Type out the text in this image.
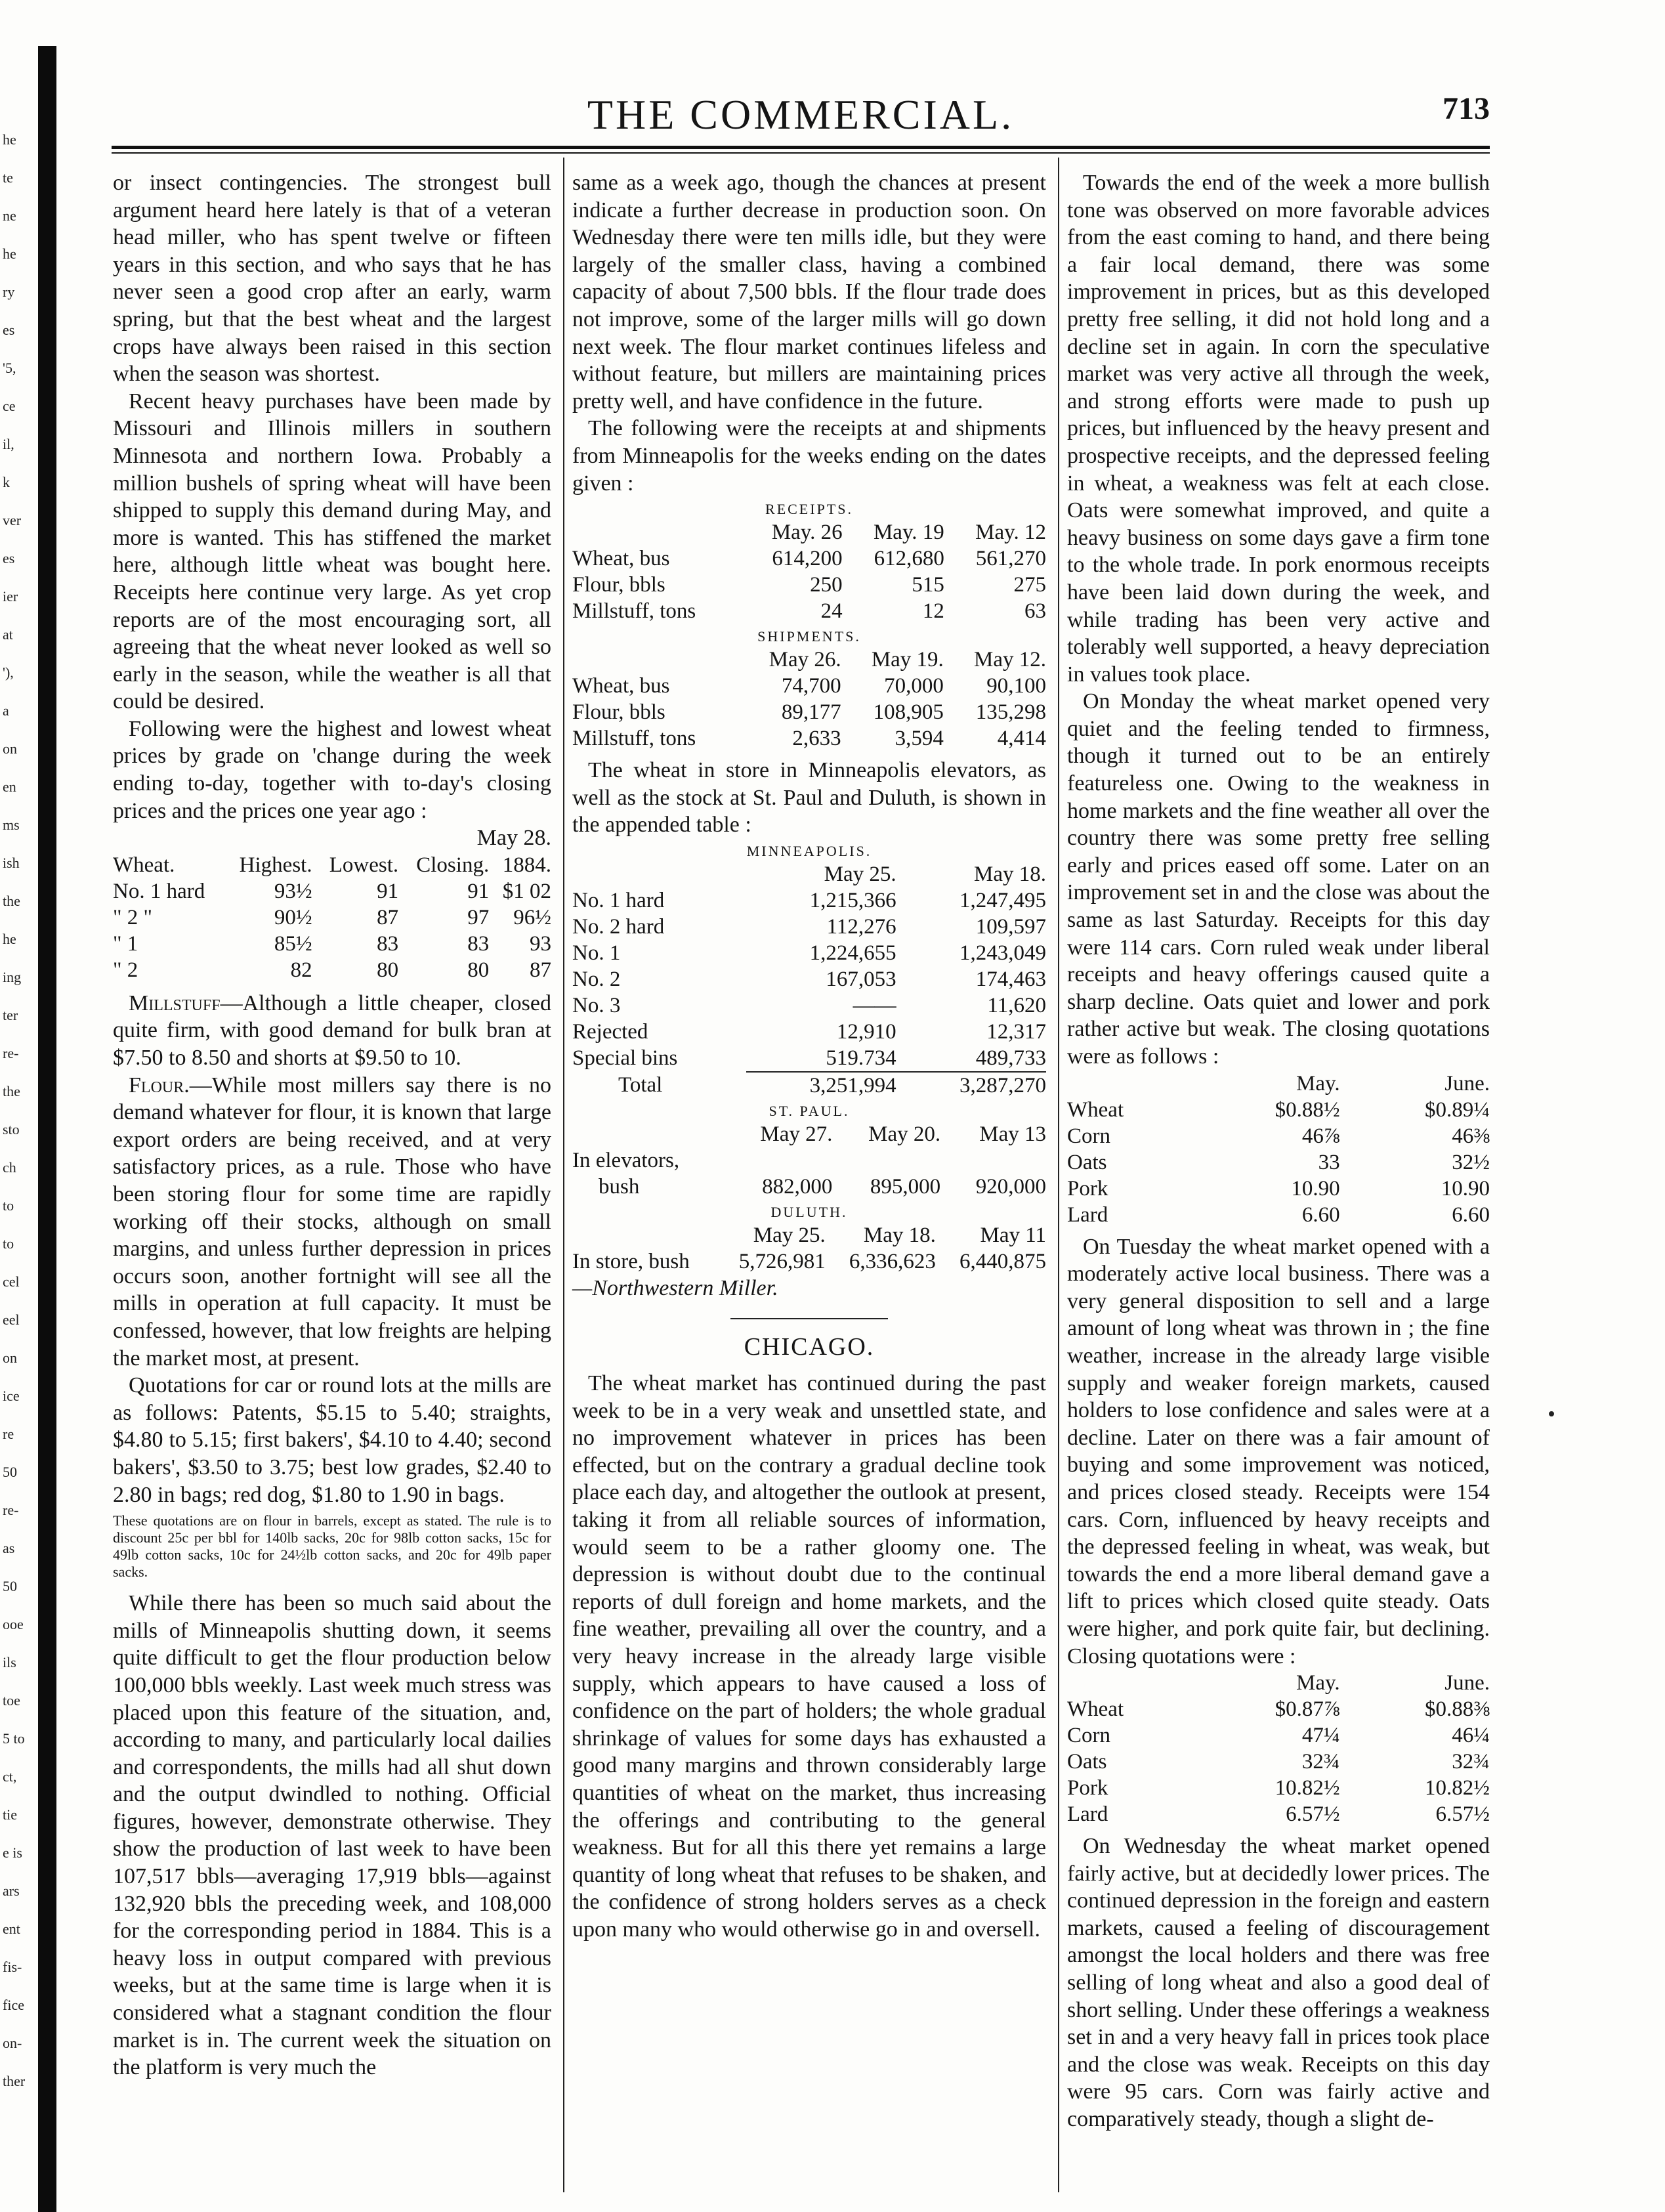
he
te
ne
he
ry
es
'5,
ce
il,
k
ver
es
ier
at
'),
a
on
en
ms
ish
the
he
ing
ter
re-
the
sto
ch
to
to
cel
eel
on
ice
re
50
re-
as
50
ooe
ils
toe
5 to
ct,
tie
e is
ars
ent
fis-
fice
on-
ther
THE COMMERCIAL.	713

or insect contingencies. The strongest bull argument heard here lately is that of a veteran head miller, who has spent twelve or fifteen years in this section, and who says that he has never seen a good crop after an early, warm spring, but that the best wheat and the largest crops have always been raised in this section when the season was shortest.

Recent heavy purchases have been made by Missouri and Illinois millers in southern Minnesota and northern Iowa. Probably a million bushels of spring wheat will have been shipped to supply this demand during May, and more is wanted. This has stiffened the market here, although little wheat was bought here. Receipts here continue very large. As yet crop reports are of the most encouraging sort, all agreeing that the wheat never looked as well so early in the season, while the weather is all that could be desired.

Following were the highest and lowest wheat prices by grade on 'change during the week ending to-day, together with to-day's closing prices and the prices one year ago :

May 28.
Wheat.	Highest.	Lowest.	Closing.	1884.
No. 1 hard	93½	91	91	$1 02
" 2 "	90½	87	97	96½
" 1	85½	83	83	93
" 2	82	80	80	87

Millstuff—Although a little cheaper, closed quite firm, with good demand for bulk bran at $7.50 to 8.50 and shorts at $9.50 to 10.

Flour.—While most millers say there is no demand whatever for flour, it is known that large export orders are being received, and at very satisfactory prices, as a rule. Those who have been storing flour for some time are rapidly working off their stocks, although on small margins, and unless further depression in prices occurs soon, another fortnight will see all the mills in operation at full capacity. It must be confessed, however, that low freights are helping the market most, at present.

Quotations for car or round lots at the mills are as follows: Patents, $5.15 to 5.40; straights, $4.80 to 5.15; first bakers', $4.10 to 4.40; second bakers', $3.50 to 3.75; best low grades, $2.40 to 2.80 in bags; red dog, $1.80 to 1.90 in bags.

These quotations are on flour in barrels, except as stated. The rule is to discount 25c per bbl for 140lb sacks, 20c for 98lb cotton sacks, 15c for 49lb cotton sacks, 10c for 24½lb cotton sacks, and 20c for 49lb paper sacks.

While there has been so much said about the mills of Minneapolis shutting down, it seems quite difficult to get the flour production below 100,000 bbls weekly. Last week much stress was placed upon this feature of the situation, and, according to many, and particularly local dailies and correspondents, the mills had all shut down and the output dwindled to nothing. Official figures, however, demonstrate otherwise. They show the production of last week to have been 107,517 bbls—averaging 17,919 bbls—against 132,920 bbls the preceding week, and 108,000 for the corresponding period in 1884. This is a heavy loss in output compared with previous weeks, but at the same time is large when it is considered what a stagnant condition the flour market is in. The current week the situation on the platform is very much the

same as a week ago, though the chances at present indicate a further decrease in production soon. On Wednesday there were ten mills idle, but they were largely of the smaller class, having a combined capacity of about 7,500 bbls. If the flour trade does not improve, some of the larger mills will go down next week. The flour market continues lifeless and without feature, but millers are maintaining prices pretty well, and have confidence in the future.

The following were the receipts at and shipments from Minneapolis for the weeks ending on the dates given :

RECEIPTS.
	May. 26	May. 19	May. 12
Wheat, bus	614,200	612,680	561,270
Flour, bbls	250	515	275
Millstuff, tons	24	12	63
SHIPMENTS.
	May 26.	May 19.	May 12.
Wheat, bus	74,700	70,000	90,100
Flour, bbls	89,177	108,905	135,298
Millstuff, tons	2,633	3,594	4,414

The wheat in store in Minneapolis elevators, as well as the stock at St. Paul and Duluth, is shown in the appended table :

MINNEAPOLIS.
	May 25.	May 18.
No. 1 hard	1,215,366	1,247,495
No. 2 hard	112,276	109,597
No. 1	1,224,655	1,243,049
No. 2	167,053	174,463
No. 3	——	11,620
Rejected	12,910	12,317
Special bins	519.734	489,733
Total	3,251,994	3,287,270
ST. PAUL.
	May 27.	May 20.	May 13
In elevators,			
bush	882,000	895,000	920,000
DULUTH.
	May 25.	May 18.	May 11
In store, bush	5,726,981	6,336,623	6,440,875
—Northwestern Miller.
CHICAGO.

The wheat market has continued during the past week to be in a very weak and unsettled state, and no improvement whatever in prices has been effected, but on the contrary a gradual decline took place each day, and altogether the outlook at present, taking it from all reliable sources of information, would seem to be a rather gloomy one. The depression is without doubt due to the continual reports of dull foreign and home markets, and the fine weather, prevailing all over the country, and a very heavy increase in the already large visible supply, which appears to have caused a loss of confidence on the part of holders; the whole gradual shrinkage of values for some days has exhausted a good many margins and thrown considerably large quantities of wheat on the market, thus increasing the offerings and contributing to the general weakness. But for all this there yet remains a large quantity of long wheat that refuses to be shaken, and the confidence of strong holders serves as a check upon many who would otherwise go in and oversell.

Towards the end of the week a more bullish tone was observed on more favorable advices from the east coming to hand, and there being a fair local demand, there was some improvement in prices, but as this developed pretty free selling, it did not hold long and a decline set in again. In corn the speculative market was very active all through the week, and strong efforts were made to push up prices, but influenced by the heavy present and prospective receipts, and the depressed feeling in wheat, a weakness was felt at each close. Oats were somewhat improved, and quite a heavy business on some days gave a firm tone to the whole trade. In pork enormous receipts have been laid down during the week, and while trading has been very active and tolerably well supported, a heavy depreciation in values took place.

On Monday the wheat market opened very quiet and the feeling tended to firmness, though it turned out to be an entirely featureless one. Owing to the weakness in home markets and the fine weather all over the country there was some pretty free selling early and prices eased off some. Later on an improvement set in and the close was about the same as last Saturday. Receipts for this day were 114 cars. Corn ruled weak under liberal receipts and heavy offerings caused quite a sharp decline. Oats quiet and lower and pork rather active but weak. The closing quotations were as follows :

	May.	June.
Wheat	$0.88½	$0.89¼
Corn	46⅞	46⅜
Oats	33	32½
Pork	10.90	10.90
Lard	6.60	6.60

On Tuesday the wheat market opened with a moderately active local business. There was a very general disposition to sell and a large amount of long wheat was thrown in ; the fine weather, increase in the already large visible supply and weaker foreign markets, caused holders to lose confidence and sales were at a decline. Later on there was a fair amount of buying and some improvement was noticed, and prices closed steady. Receipts were 154 cars. Corn, influenced by heavy receipts and the depressed feeling in wheat, was weak, but towards the end a more liberal demand gave a lift to prices which closed quite steady. Oats were higher, and pork quite fair, but declining. Closing quotations were :

	May.	June.
Wheat	$0.87⅞	$0.88⅜
Corn	47¼	46¼
Oats	32¾	32¾
Pork	10.82½	10.82½
Lard	6.57½	6.57½

On Wednesday the wheat market opened fairly active, but at decidedly lower prices. The continued depression in the foreign and eastern markets, caused a feeling of discouragement amongst the local holders and there was free selling of long wheat and also a good deal of short selling. Under these offerings a weakness set in and a very heavy fall in prices took place and the close was weak. Receipts on this day were 95 cars. Corn was fairly active and comparatively steady, though a slight de-
